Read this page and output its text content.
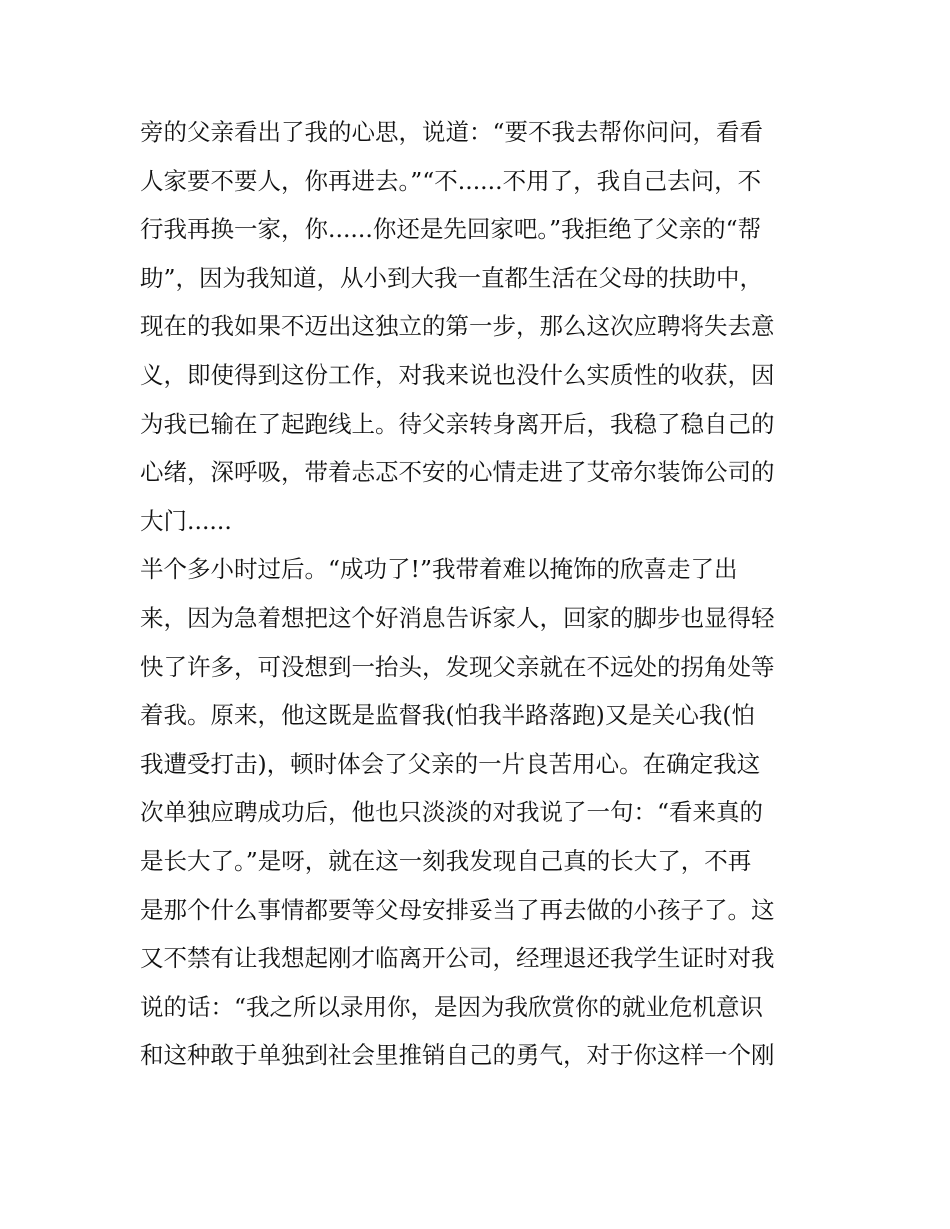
旁的父亲看出了我的心思，说道：“要不我去帮你问问，看看
人家要不要人，你再进去。”“不......不用了，我自己去问，不
行我再换一家，你......你还是先回家吧。”我拒绝了父亲的“帮
助”，因为我知道，从小到大我一直都生活在父母的扶助中，
现在的我如果不迈出这独立的第一步，那么这次应聘将失去意
义，即使得到这份工作，对我来说也没什么实质性的收获，因
为我已输在了起跑线上。待父亲转身离开后，我稳了稳自己的
心绪，深呼吸，带着忐忑不安的心情走进了艾帝尔装饰公司的
大门......
半个多小时过后。“成功了!”我带着难以掩饰的欣喜走了出
来，因为急着想把这个好消息告诉家人，回家的脚步也显得轻
快了许多，可没想到一抬头，发现父亲就在不远处的拐角处等
着我。原来，他这既是监督我(怕我半路落跑)又是关心我(怕
我遭受打击)，顿时体会了父亲的一片良苦用心。在确定我这
次单独应聘成功后，他也只淡淡的对我说了一句：“看来真的
是长大了。”是呀，就在这一刻我发现自己真的长大了，不再
是那个什么事情都要等父母安排妥当了再去做的小孩子了。这
又不禁有让我想起刚才临离开公司，经理退还我学生证时对我
说的话：“我之所以录用你，是因为我欣赏你的就业危机意识
和这种敢于单独到社会里推销自己的勇气，对于你这样一个刚
